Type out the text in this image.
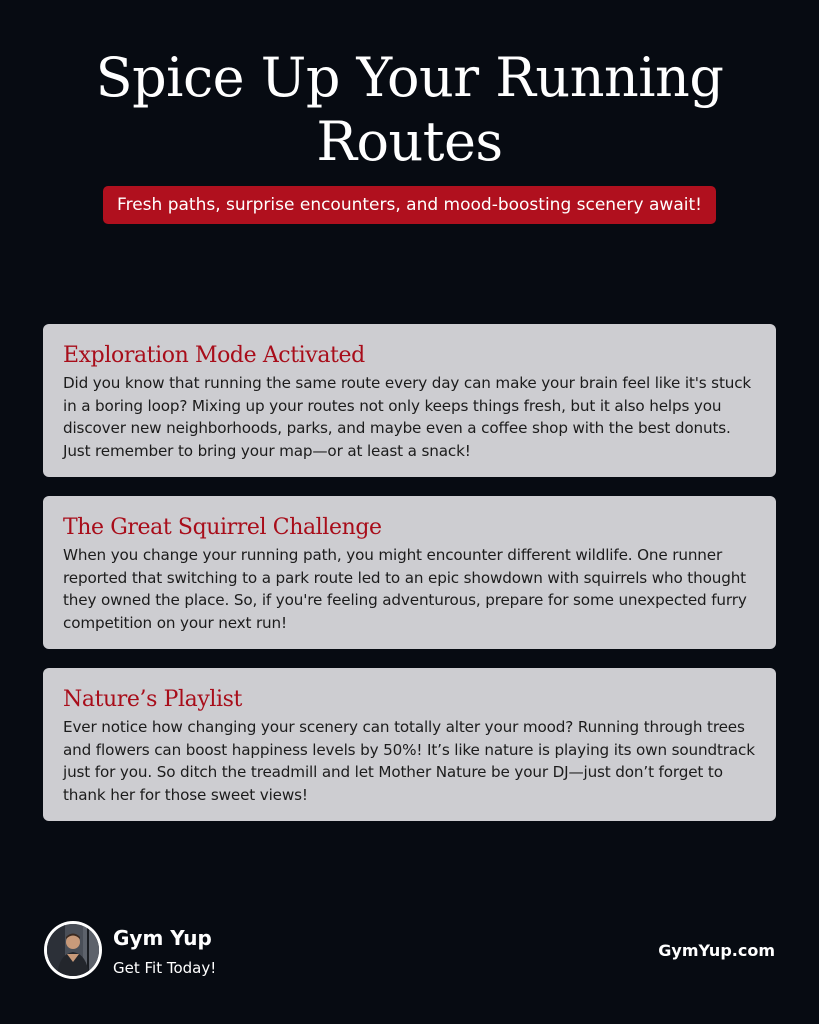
Spice Up Your Running Routes
Fresh paths, surprise encounters, and mood-boosting scenery await!
Exploration Mode Activated

Did you know that running the same route every day can make your brain feel like it's stuck in a boring loop? Mixing up your routes not only keeps things fresh, but it also helps you discover new neighborhoods, parks, and maybe even a coffee shop with the best donuts. Just remember to bring your map—or at least a snack!

The Great Squirrel Challenge

When you change your running path, you might encounter different wildlife. One runner reported that switching to a park route led to an epic showdown with squirrels who thought they owned the place. So, if you're feeling adventurous, prepare for some unexpected furry competition on your next run!

Nature’s Playlist

Ever notice how changing your scenery can totally alter your mood? Running through trees and flowers can boost happiness levels by 50%! It’s like nature is playing its own soundtrack just for you. So ditch the treadmill and let Mother Nature be your DJ—just don’t forget to thank her for those sweet views!

Gym Yup
Get Fit Today!
GymYup.com
